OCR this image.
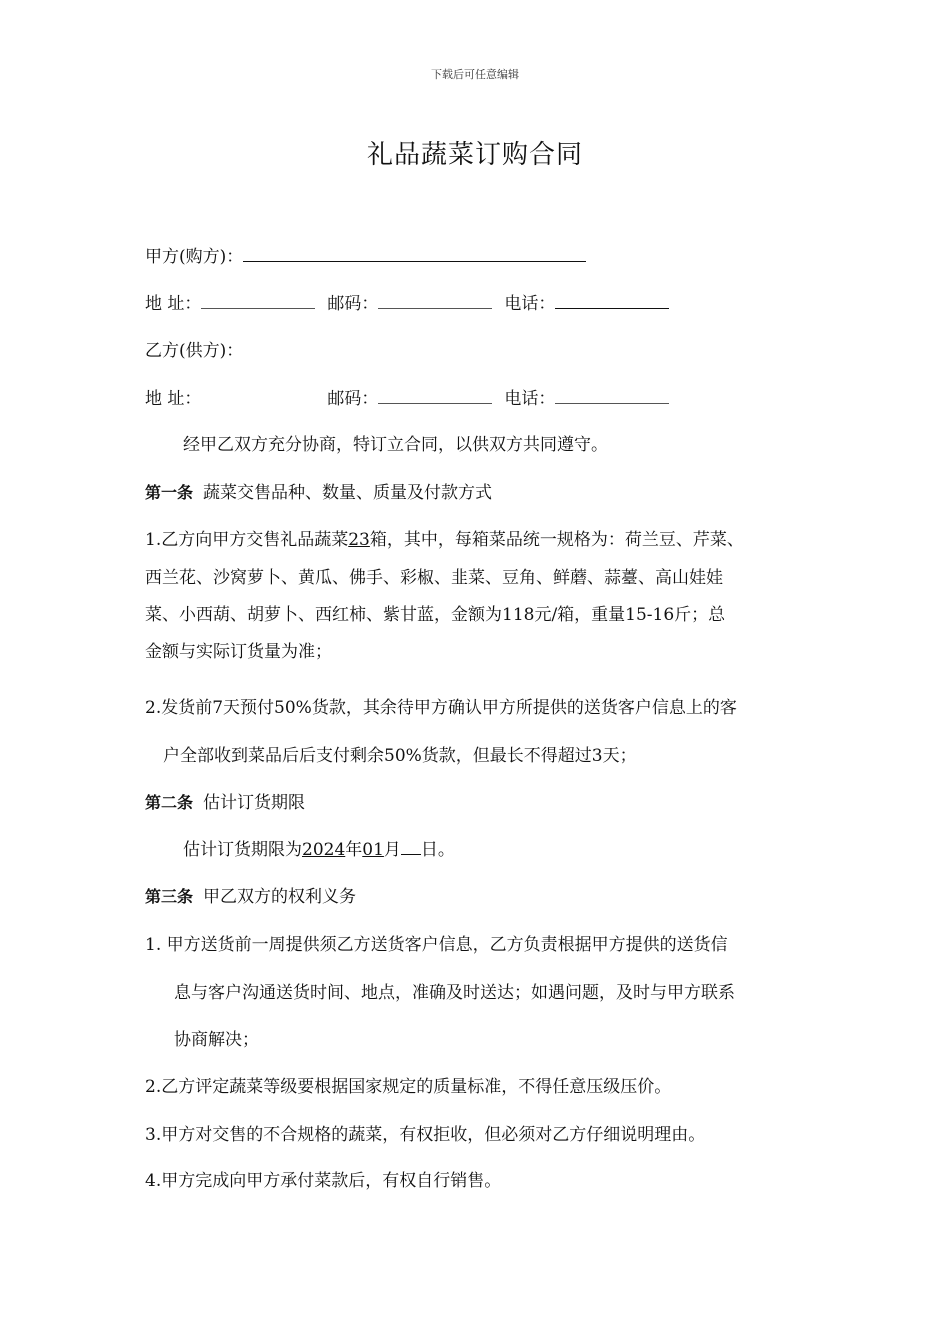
下载后可任意编辑
礼品蔬菜订购合同
甲方(购方)：
地 址：	邮码：	电话：
乙方(供方)：
地 址：	邮码：	电话：
经甲乙双方充分协商，特订立合同，以供双方共同遵守。
第一条 蔬菜交售品种、数量、质量及付款方式
1.乙方向甲方交售礼品蔬菜23箱，其中，每箱菜品统一规格为：荷兰豆、芹菜、
西兰花、沙窝萝卜、黄瓜、佛手、彩椒、韭菜、豆角、鲜蘑、蒜薹、高山娃娃
菜、小西葫、胡萝卜、西红柿、紫甘蓝，金额为118元/箱，重量15-16斤；总
金额与实际订货量为准；
2.发货前7天预付50%货款，其余待甲方确认甲方所提供的送货客户信息上的客
户全部收到菜品后后支付剩余50%货款，但最长不得超过3天；
第二条 估计订货期限
估计订货期限为2024年01月 日。
第三条 甲乙双方的权利义务
1. 甲方送货前一周提供须乙方送货客户信息，乙方负责根据甲方提供的送货信
息与客户沟通送货时间、地点，准确及时送达；如遇问题，及时与甲方联系
协商解决；
2.乙方评定蔬菜等级要根据国家规定的质量标准，不得任意压级压价。
3.甲方对交售的不合规格的蔬菜，有权拒收，但必须对乙方仔细说明理由。
4.甲方完成向甲方承付菜款后，有权自行销售。
